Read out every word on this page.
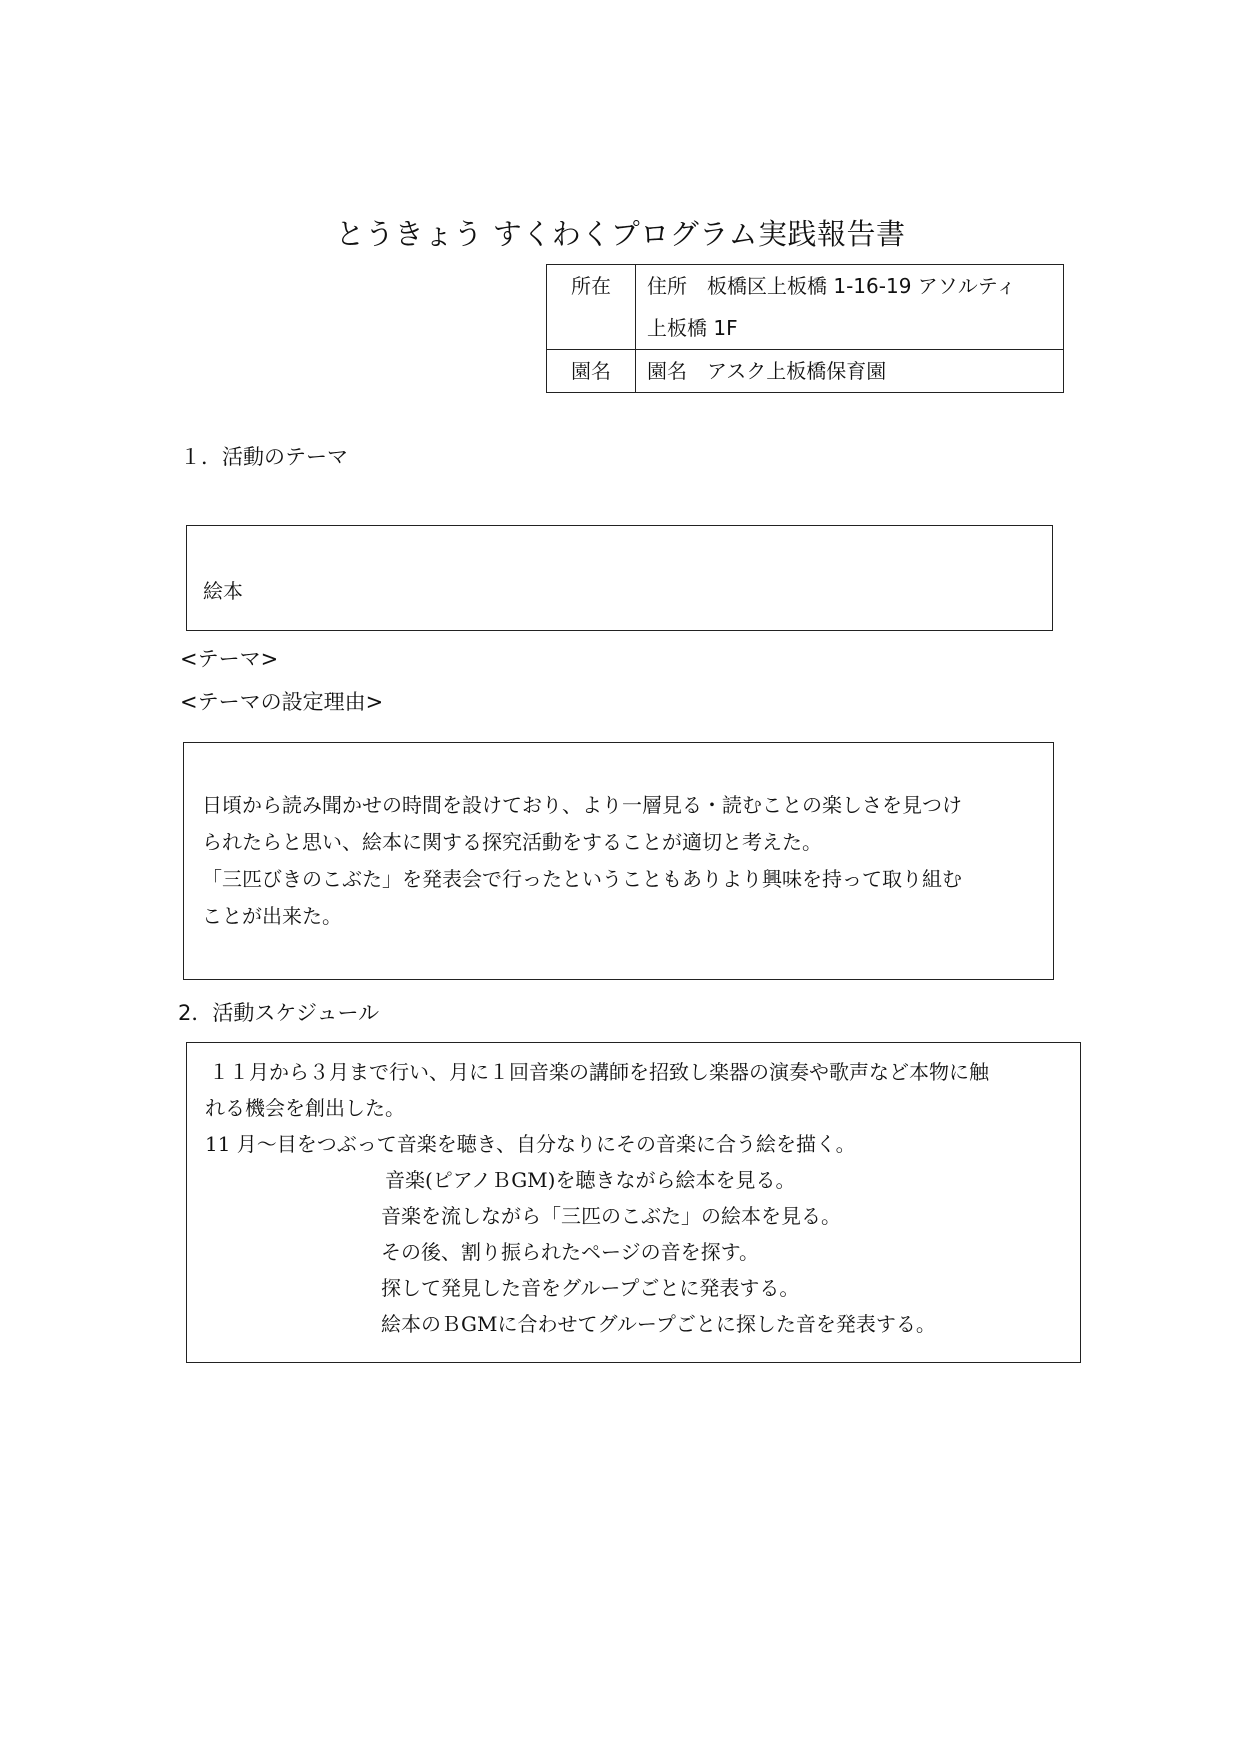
とうきょう すくわくプログラム実践報告書
所在	住所　板橋区上板橋 1-16-19 アソルティ
上板橋 1F

園名	園名　アスク上板橋保育園
１．活動のテーマ
絵本
<テーマ>
<テーマの設定理由>

日頃から読み聞かせの時間を設けており、より一層見る・読むことの楽しさを見つけ

られたらと思い、絵本に関する探究活動をすることが適切と考えた。

「三匹びきのこぶた」を発表会で行ったということもありより興味を持って取り組む

ことが出来た。

2．活動スケジュール

１１月から３月まで行い、月に１回音楽の講師を招致し楽器の演奏や歌声など本物に触

れる機会を創出した。

11 月～目をつぶって音楽を聴き、自分なりにその音楽に合う絵を描く。

音楽(ピアノＢGM)を聴きながら絵本を見る。

音楽を流しながら「三匹のこぶた」の絵本を見る。

その後、割り振られたページの音を探す。

探して発見した音をグループごとに発表する。

絵本のＢGMに合わせてグループごとに探した音を発表する。
